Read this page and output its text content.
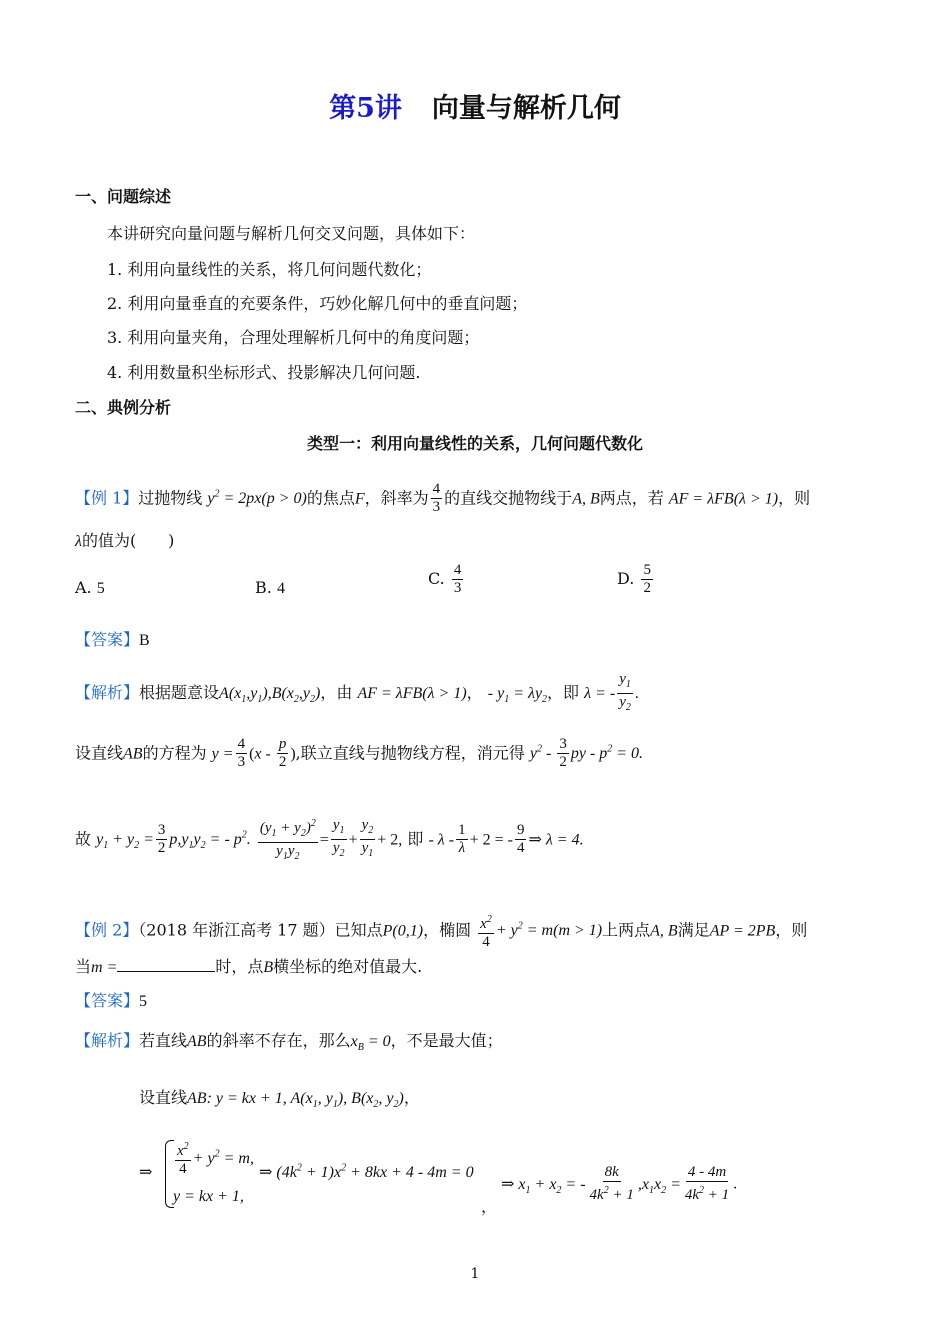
第5讲 向量与解析几何
一、问题综述
本讲研究向量问题与解析几何交叉问题，具体如下：
1. 利用向量线性的关系，将几何问题代数化；
2. 利用向量垂直的充要条件，巧妙化解几何中的垂直问题；
3. 利用向量夹角，合理处理解析几何中的角度问题；
4. 利用数量积坐标形式、投影解决几何问题.
二、典例分析
类型一：利用向量线性的关系，几何问题代数化
【例 1】过抛物线 $y^2 = 2px(p > 0)$的焦点F，斜率为 $\frac{4}{3}$ 的直线交抛物线于A, B两点，若 AF = λFB(λ > 1)，则
λ的值为(　　)
A. 5	B. 4
C. $\frac{4}{3}$	D. $\frac{5}{2}$
【答案】B
【解析】根据题意设$A(x_1,y_1),B(x_2,y_2)$，由 AF = λFB(λ > 1)， - $y_1 = \lambda y_2$，即 λ = - $\frac{y_1}{y_2}$ .
设直线AB的方程为 $y = \frac{4}{3} (x - \frac{p}{2}$ ),联立直线与抛物线方程，消元得 $y^2 - \frac{3}{2}$ py - $p^2 = 0$.
故 $y_1 + y_2 = \frac{3}{2} p,y_1y_2$ = - $p^2$. $\frac{(y_1 + y_2)^2}{y_1y_2} = \frac{y_1}{y_2} + \frac{y_2}{y_1} + 2$, 即 - $\lambda - \frac{1}{\lambda} + 2$ = - $\frac{9}{4}$ ⇒ λ = 4.
【例 2】（2018 年浙江高考 17 题）已知点P(0,1)，椭圆 $\frac{x^2}{4} + y^2 = m(m > 1)$上两点A, B满足AP = 2PB，则
当m =	时，点B横坐标的绝对值最大.
【答案】5
【解析】若直线AB的斜率不存在，那么$x_B = 0$，不是最大值；
设直线AB: y = kx + 1, $A(x_1$, $y_1$), $B(x_2$, $y_2$)，
⇒ $\frac{x^2}{4} + y^2 = m$,
y = kx + 1,
⇒ $(4k^2 + 1)x^2 + 8kx + 4 - 4m = 0$
，
⇒ $x_1 + x_2$ = - $\frac{8k}{4k^2 + 1} ,x_1x_2 = \frac{4 - 4m}{4k^2 + 1}$ .
1
